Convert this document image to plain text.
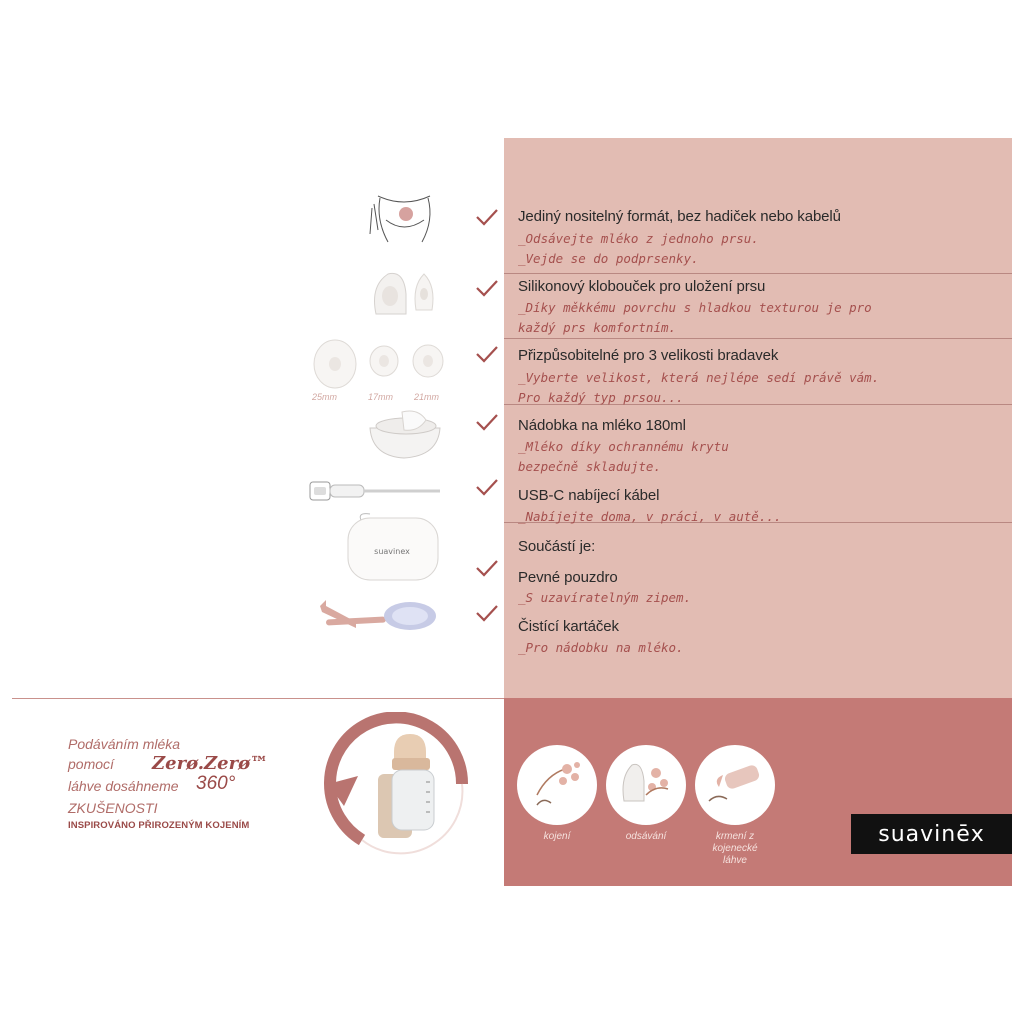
Jediný nositelný formát, bez hadiček nebo kabelů
_Odsávejte mléko z jednoho prsu.
_Vejde se do podprsenky.
Silikonový klobouček pro uložení prsu
_Díky měkkému povrchu s hladkou texturou je pro
každý prs komfortním.
Přizpůsobitelné pro 3 velikosti bradavek
_Vyberte velikost, která nejlépe sedí právě vám.
Pro každý typ prsou...
Nádobka na mléko 180ml
_Mléko díky ochrannému krytu
bezpečně skladujte.
USB-C nabíjecí kábel
_Nabíjejte doma, v práci, v autě...
Součástí je:
Pevné pouzdro
_S uzavíratelným zipem.
Čistící kartáček
_Pro nádobku na mléko.
25mm	17mm 21mm
suavinex
Podáváním mléka
pomocí Zerø.Zerø™
láhve dosáhneme 360°
ZKUŠENOSTI
INSPIROVÁNO PŘIROZENÝM KOJENÍM
kojení	odsávání	krmení z kojenecké láhve
suavinēx
